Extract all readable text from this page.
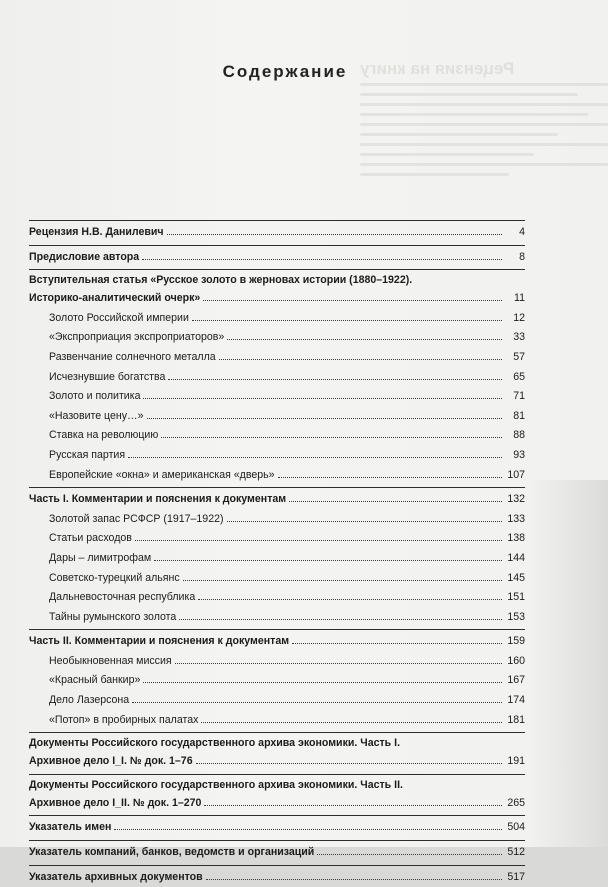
Рецензия на книгу
Содержание
Рецензия Н.В. Данилевич	4
Предисловие автора	8
Вступительная статья «Русское золото в жерновах истории (1880–1922).
Историко-аналитический очерк»	11
Золото Российской империи	12
«Экспроприация экспроприаторов»	33
Развенчание солнечного металла	57
Исчезнувшие богатства	65
Золото и политика	71
«Назовите цену…»	81
Ставка на революцию	88
Русская партия	93
Европейские «окна» и американская «дверь»	107
Часть I. Комментарии и пояснения к документам	132
Золотой запас РСФСР (1917–1922)	133
Статьи расходов	138
Дары – лимитрофам	144
Советско-турецкий альянс	145
Дальневосточная республика	151
Тайны румынского золота	153
Часть II. Комментарии и пояснения к документам	159
Необыкновенная миссия	160
«Красный банкир»	167
Дело Лазерсона	174
«Потоп» в пробирных палатах	181
Документы Российского государственного архива экономики. Часть I.
Архивное дело I_I. № док. 1–76	191
Документы Российского государственного архива экономики. Часть II.
Архивное дело I_II. № док. 1–270	265
Указатель имен	504
Указатель компаний, банков, ведомств и организаций	512
Указатель архивных документов	517
